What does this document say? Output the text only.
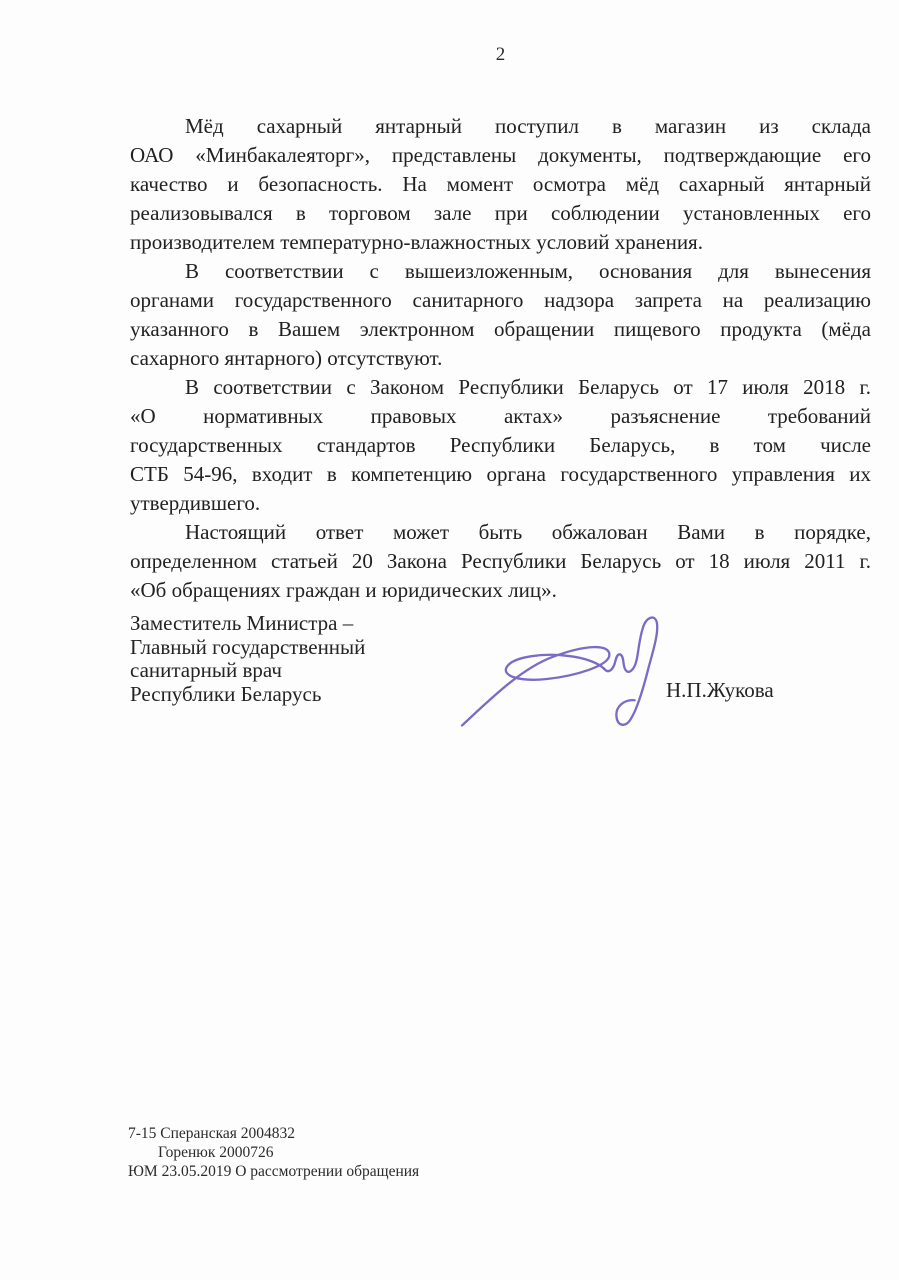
2
Мёд сахарный янтарный поступил в магазин из склада
ОАО «Минбакалеяторг», представлены документы, подтверждающие его
качество и безопасность. На момент осмотра мёд сахарный янтарный
реализовывался в торговом зале при соблюдении установленных его
производителем температурно-влажностных условий хранения.
В соответствии с вышеизложенным, основания для вынесения
органами государственного санитарного надзора запрета на реализацию
указанного в Вашем электронном обращении пищевого продукта (мёда
сахарного янтарного) отсутствуют.
В соответствии с Законом Республики Беларусь от 17 июля 2018 г.
«О нормативных правовых актах» разъяснение требований
государственных стандартов Республики Беларусь, в том числе
СТБ 54-96, входит в компетенцию органа государственного управления их
утвердившего.
Настоящий ответ может быть обжалован Вами в порядке,
определенном статьей 20 Закона Республики Беларусь от 18 июля 2011 г.
«Об обращениях граждан и юридических лиц».
Заместитель Министра –
Главный государственный
санитарный врач
Республики Беларусь	Н.П.Жукова
7-15 Сперанская 2004832
Горенюк 2000726
ЮМ 23.05.2019 О рассмотрении обращения
